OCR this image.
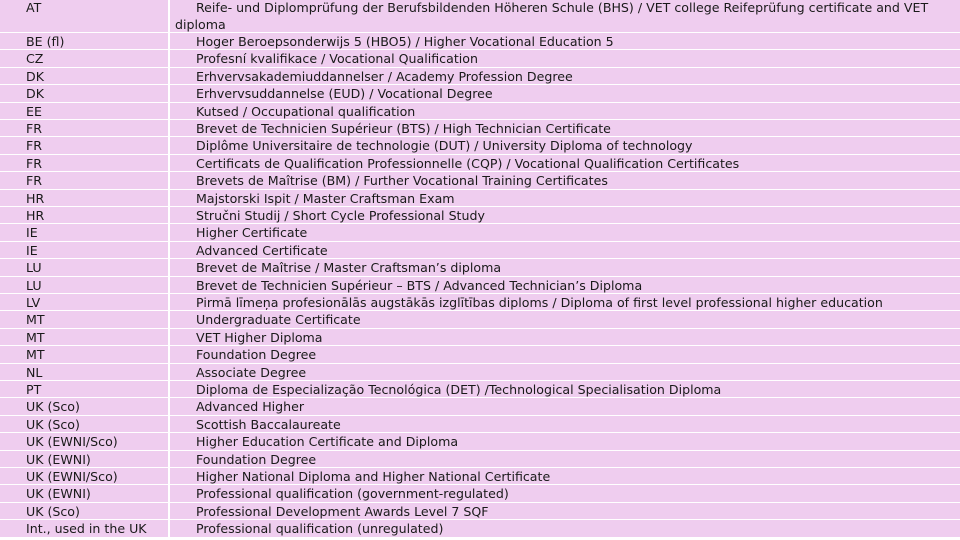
AT	Reife- und Diplomprüfung der Berufsbildenden Höheren Schule (BHS) / VET college Reifeprüfung certificate and VET diploma
BE (fl)	Hoger Beroepsonderwijs 5 (HBO5) / Higher Vocational Education 5
CZ	Profesní kvalifikace / Vocational Qualification
DK	Erhvervsakademiuddannelser / Academy Profession Degree
DK	Erhvervsuddannelse (EUD) / Vocational Degree
EE	Kutsed / Occupational qualification
FR	Brevet de Technicien Supérieur (BTS) / High Technician Certificate
FR	Diplôme Universitaire de technologie (DUT) / University Diploma of technology
FR	Certificats de Qualification Professionnelle (CQP) / Vocational Qualification Certificates
FR	Brevets de Maîtrise (BM) / Further Vocational Training Certificates
HR	Majstorski Ispit / Master Craftsman Exam
HR	Stručni Studij / Short Cycle Professional Study
IE	Higher Certificate
IE	Advanced Certificate
LU	Brevet de Maîtrise / Master Craftsman’s diploma
LU	Brevet de Technicien Supérieur – BTS / Advanced Technician’s Diploma
LV	Pirmā līmeņa profesionālās augstākās izglītības diploms / Diploma of first level professional higher education
MT	Undergraduate Certificate
MT	VET Higher Diploma
MT	Foundation Degree
NL	Associate Degree
PT	Diploma de Especialização Tecnológica (DET) /Technological Specialisation Diploma
UK (Sco)	Advanced Higher
UK (Sco)	Scottish Baccalaureate
UK (EWNI/Sco)	Higher Education Certificate and Diploma
UK (EWNI)	Foundation Degree
UK (EWNI/Sco)	Higher National Diploma and Higher National Certificate
UK (EWNI)	Professional qualification (government-regulated)
UK (Sco)	Professional Development Awards Level 7 SQF
Int., used in the UK	Professional qualification (unregulated)
